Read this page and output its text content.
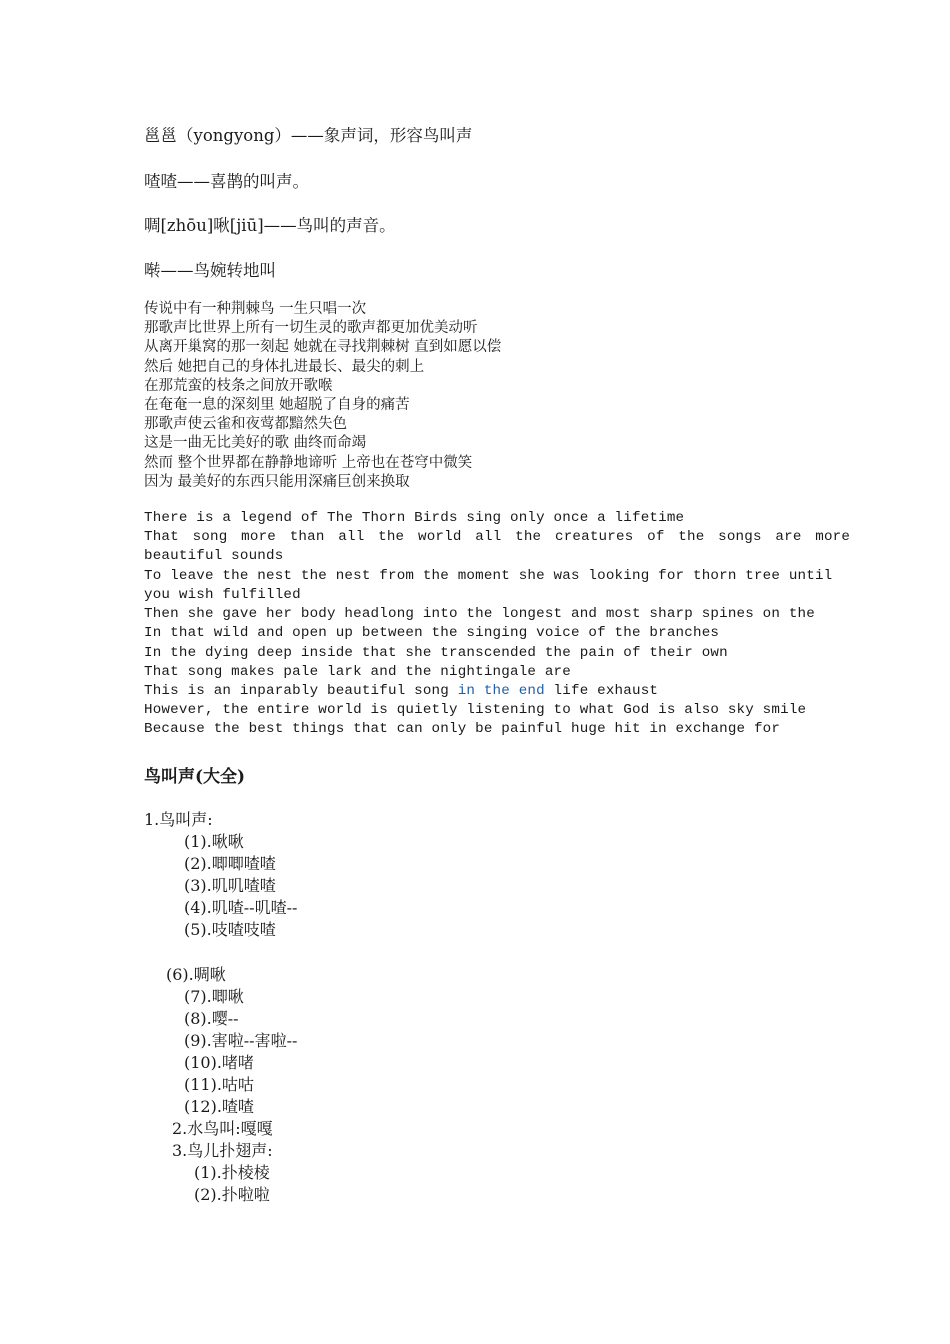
邕邕（yongyong）——象声词，形容鸟叫声
喳喳——喜鹊的叫声。
啁[zhōu]啾[jiū]——鸟叫的声音。
啭——鸟婉转地叫
传说中有一种荆棘鸟 一生只唱一次
那歌声比世界上所有一切生灵的歌声都更加优美动听
从离开巢窝的那一刻起 她就在寻找荆棘树 直到如愿以偿
然后 她把自己的身体扎进最长、最尖的刺上
在那荒蛮的枝条之间放开歌喉
在奄奄一息的深刻里 她超脱了自身的痛苦
那歌声使云雀和夜莺都黯然失色
这是一曲无比美好的歌 曲终而命竭
然而 整个世界都在静静地谛听 上帝也在苍穹中微笑
因为 最美好的东西只能用深痛巨创来换取
There is a legend of The Thorn Birds sing only once a lifetime
That song more than all the world all the creatures of the songs are more
beautiful sounds
To leave the nest the nest from the moment she was looking for thorn tree until
you wish fulfilled
Then she gave her body headlong into the longest and most sharp spines on the
In that wild and open up between the singing voice of the branches
In the dying deep inside that she transcended the pain of their own
That song makes pale lark and the nightingale are
This is an inparably beautiful song in the end life exhaust
However, the entire world is quietly listening to what God is also sky smile
Because the best things that can only be painful huge hit in exchange for
鸟叫声(大全)
1.鸟叫声:
(1).啾啾
(2).唧唧喳喳
(3).叽叽喳喳
(4).叽喳--叽喳--
(5).吱喳吱喳
(6).啁啾
(7).唧啾
(8).嘤--
(9).害啦--害啦--
(10).啫啫
(11).咕咕
(12).喳喳
2.水鸟叫:嘎嘎
3.鸟儿扑翅声:
(1).扑棱棱
(2).扑啦啦
